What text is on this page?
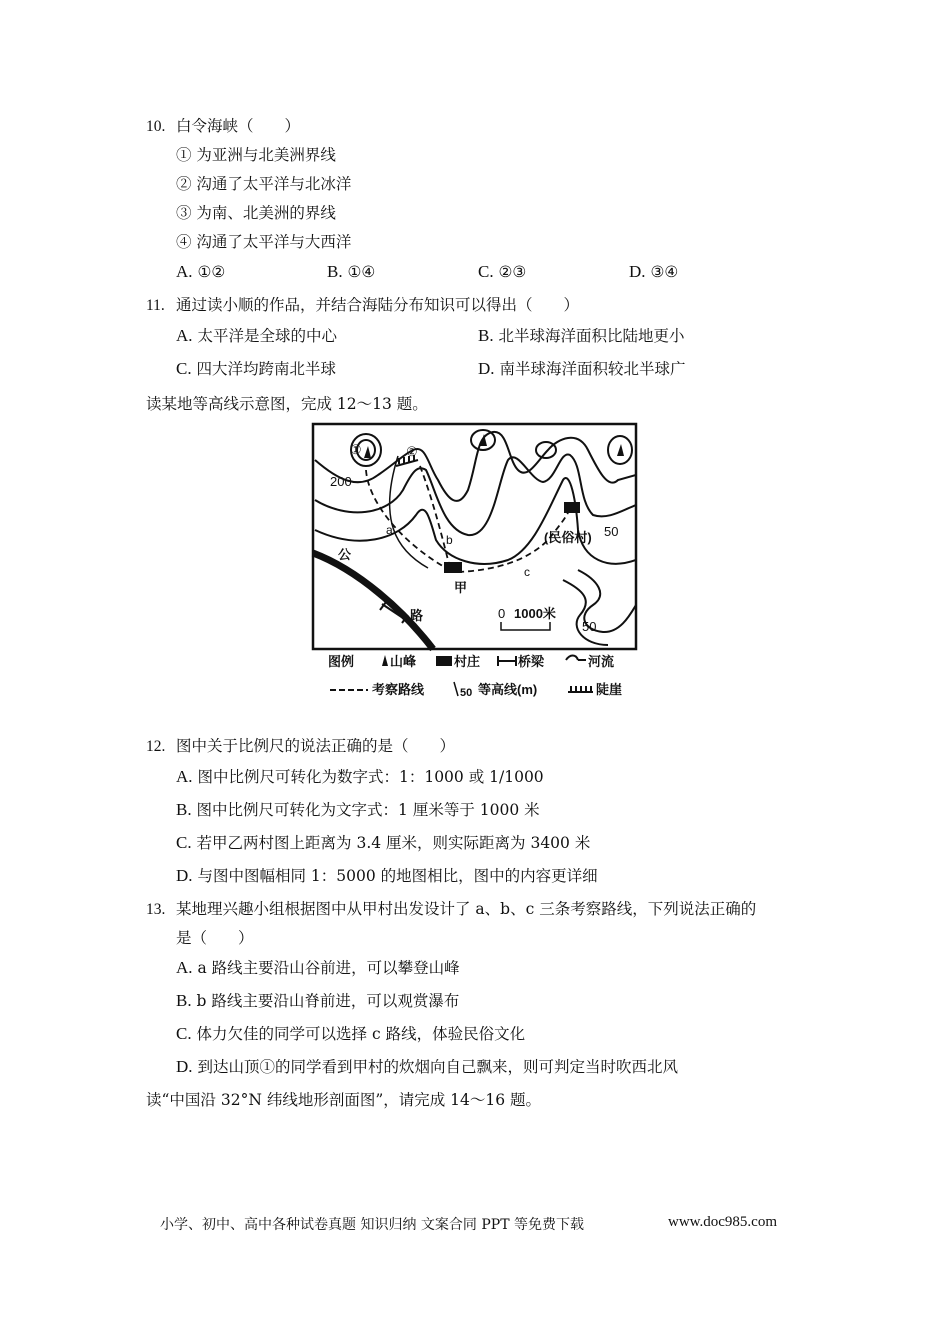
10. 白令海峡（　　）
① 为亚洲与北美洲界线
② 沟通了太平洋与北冰洋
③ 为南、北美洲的界线
④ 沟通了太平洋与大西洋
A. ①②	B. ①④	C. ②③	D. ③④
11. 通过读小顺的作品，并结合海陆分布知识可以得出（　　）
A. 太平洋是全球的中心	B. 北半球海洋面积比陆地更小
C. 四大洋均跨南北半球	D. 南半球海洋面积较北半球广
读某地等高线示意图，完成 12～13 题。
①	②
200
50
50
a
b
c
(民俗村)
甲
公
路	0 1000米
图例	山峰	村庄	桥梁	河流
考察路线	50 等高线(m)	陡崖
12. 图中关于比例尺的说法正确的是（　　）
A. 图中比例尺可转化为数字式：1：1000 或 1/1000
B. 图中比例尺可转化为文字式：1 厘米等于 1000 米
C. 若甲乙两村图上距离为 3.4 厘米，则实际距离为 3400 米
D. 与图中图幅相同 1：5000 的地图相比，图中的内容更详细
13. 某地理兴趣小组根据图中从甲村出发设计了 a、b、c 三条考察路线，下列说法正确的
是（　　）
A. a 路线主要沿山谷前进，可以攀登山峰
B. b 路线主要沿山脊前进，可以观赏瀑布
C. 体力欠佳的同学可以选择 c 路线，体验民俗文化
D. 到达山顶①的同学看到甲村的炊烟向自己飘来，则可判定当时吹西北风
读“中国沿 32°N 纬线地形剖面图”，请完成 14～16 题。
小学、初中、高中各种试卷真题 知识归纳 文案合同 PPT 等免费下载	www.doc985.com
